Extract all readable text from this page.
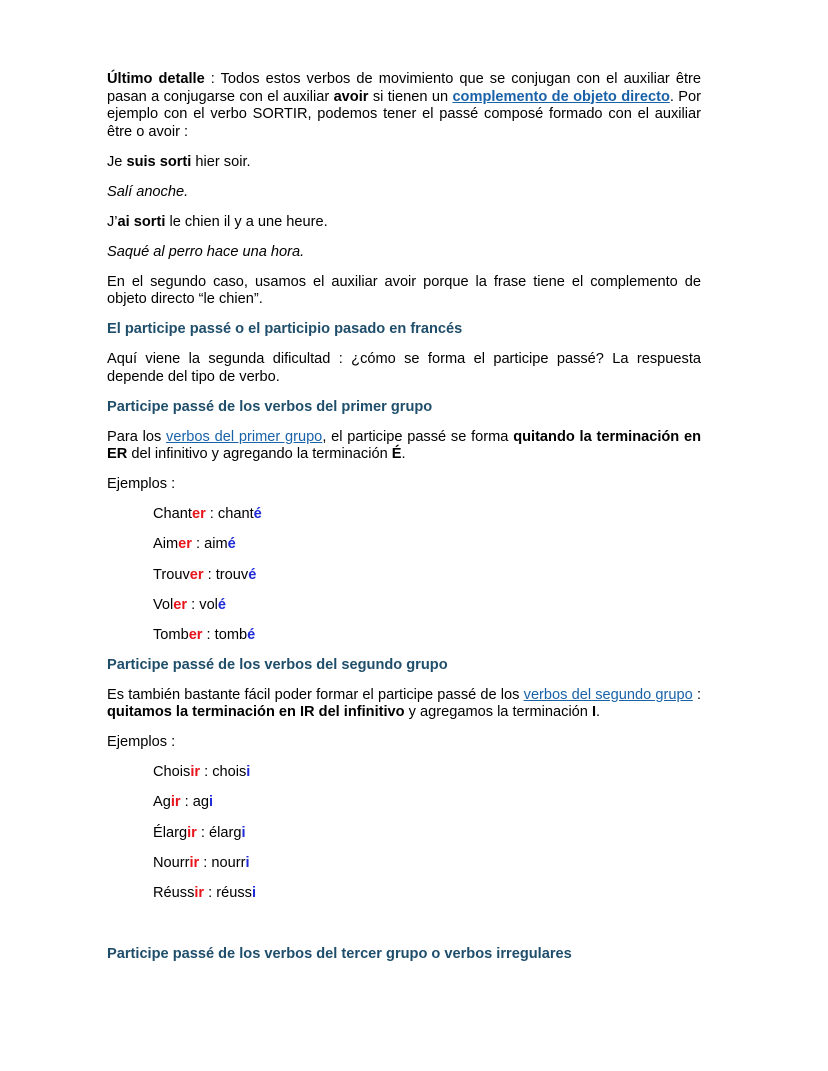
Último detalle : Todos estos verbos de movimiento que se conjugan con el auxiliar être pasan a conjugarse con el auxiliar avoir si tienen un complemento de objeto directo. Por ejemplo con el verbo SORTIR, podemos tener el passé composé formado con el auxiliar être o avoir :

Je suis sorti hier soir.

Salí anoche.

J’ai sorti le chien il y a une heure.

Saqué al perro hace una hora.

En el segundo caso, usamos el auxiliar avoir porque la frase tiene el complemento de objeto directo “le chien”.

El participe passé o el participio pasado en francés

Aquí viene la segunda dificultad : ¿cómo se forma el participe passé? La respuesta depende del tipo de verbo.

Participe passé de los verbos del primer grupo

Para los verbos del primer grupo, el participe passé se forma quitando la terminación en ER del infinitivo y agregando la terminación É.

Ejemplos :

Chanter : chanté

Aimer : aimé

Trouver : trouvé

Voler : volé

Tomber : tombé

Participe passé de los verbos del segundo grupo

Es también bastante fácil poder formar el participe passé de los verbos del segundo grupo : quitamos la terminación en IR del infinitivo y agregamos la terminación I.

Ejemplos :

Choisir : choisi

Agir : agi

Élargir : élargi

Nourrir : nourri

Réussir : réussi

Participe passé de los verbos del tercer grupo o verbos irregulares
